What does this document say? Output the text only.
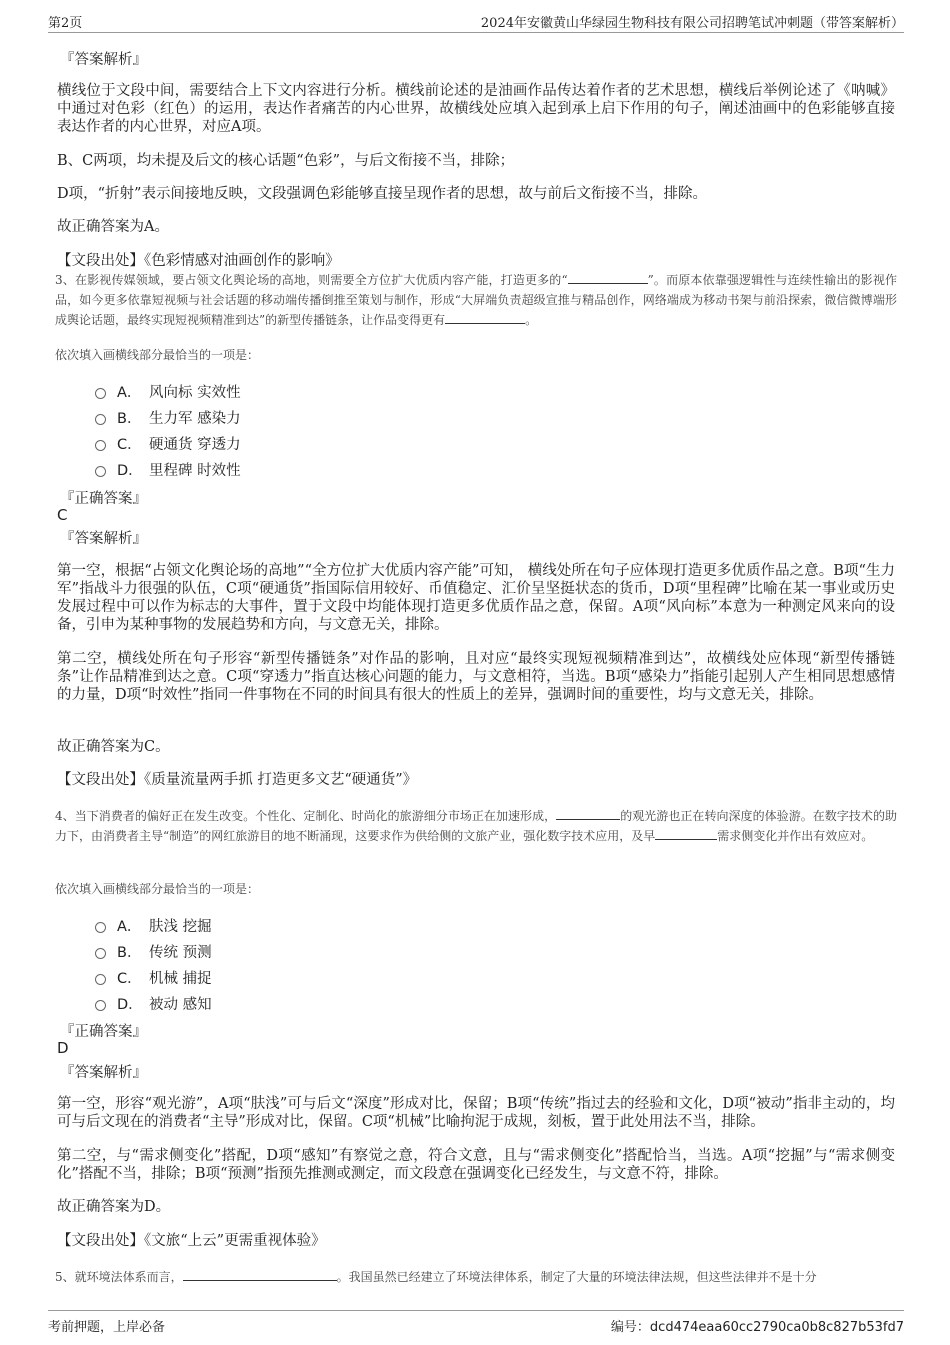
第2页	2024年安徽黄山华绿园生物科技有限公司招聘笔试冲刺题（带答案解析）
『答案解析』
横线位于文段中间，需要结合上下文内容进行分析。横线前论述的是油画作品传达着作者的艺术思想，横线后举例论述了《呐喊》中通过对色彩（红色）的运用，表达作者痛苦的内心世界，故横线处应填入起到承上启下作用的句子，阐述油画中的色彩能够直接表达作者的内心世界，对应A项。
B、C两项，均未提及后文的核心话题“色彩”，与后文衔接不当，排除；
D项，“折射”表示间接地反映，文段强调色彩能够直接呈现作者的思想，故与前后文衔接不当，排除。
故正确答案为A。
【文段出处】《色彩情感对油画创作的影响》
3、在影视传媒领域，要占领文化舆论场的高地，则需要全方位扩大优质内容产能，打造更多的“	”。而原本依靠强逻辑性与连续性输出的影视作品，如今更多依靠短视频与社会话题的移动端传播倒推至策划与制作，形成“大屏端负责超级宣推与精品创作，网络端成为移动书架与前沿探索，微信微博端形成舆论话题，最终实现短视频精准到达”的新型传播链条，让作品变得更有	。
依次填入画横线部分最恰当的一项是：
A． 风向标 实效性
B． 生力军 感染力
C． 硬通货 穿透力
D． 里程碑 时效性
『正确答案』
C
『答案解析』
第一空，根据“占领文化舆论场的高地”“全方位扩大优质内容产能”可知， 横线处所在句子应体现打造更多优质作品之意。B项“生力军”指战斗力很强的队伍，C项“硬通货”指国际信用较好、币值稳定、汇价呈坚挺状态的货币，D项“里程碑”比喻在某一事业或历史发展过程中可以作为标志的大事件，置于文段中均能体现打造更多优质作品之意，保留。A项“风向标”本意为一种测定风来向的设备，引申为某种事物的发展趋势和方向，与文意无关，排除。
第二空，横线处所在句子形容“新型传播链条”对作品的影响，且对应“最终实现短视频精准到达”，故横线处应体现“新型传播链条”让作品精准到达之意。C项“穿透力”指直达核心问题的能力，与文意相符，当选。B项“感染力”指能引起别人产生相同思想感情的力量，D项“时效性”指同一件事物在不同的时间具有很大的性质上的差异，强调时间的重要性，均与文意无关，排除。
故正确答案为C。
【文段出处】《质量流量两手抓 打造更多文艺“硬通货”》
4、当下消费者的偏好正在发生改变。个性化、定制化、时尚化的旅游细分市场正在加速形成，	的观光游也正在转向深度的体验游。在数字技术的助力下，由消费者主导“制造”的网红旅游目的地不断涌现，这要求作为供给侧的文旅产业，强化数字技术应用，及早	需求侧变化并作出有效应对。
依次填入画横线部分最恰当的一项是：
A． 肤浅 挖掘
B． 传统 预测
C． 机械 捕捉
D． 被动 感知
『正确答案』
D
『答案解析』
第一空，形容“观光游”，A项“肤浅”可与后文“深度”形成对比，保留；B项“传统”指过去的经验和文化，D项“被动”指非主动的，均可与后文现在的消费者“主导”形成对比，保留。C项“机械”比喻拘泥于成规，刻板，置于此处用法不当，排除。
第二空，与“需求侧变化”搭配，D项“感知”有察觉之意，符合文意，且与“需求侧变化”搭配恰当，当选。A项“挖掘”与“需求侧变化”搭配不当，排除；B项“预测”指预先推测或测定，而文段意在强调变化已经发生，与文意不符，排除。
故正确答案为D。
【文段出处】《文旅“上云”更需重视体验》
5、就环境法体系而言，	。我国虽然已经建立了环境法律体系，制定了大量的环境法律法规，但这些法律并不是十分
考前押题，上岸必备	编号：dcd474eaa60cc2790ca0b8c827b53fd7
